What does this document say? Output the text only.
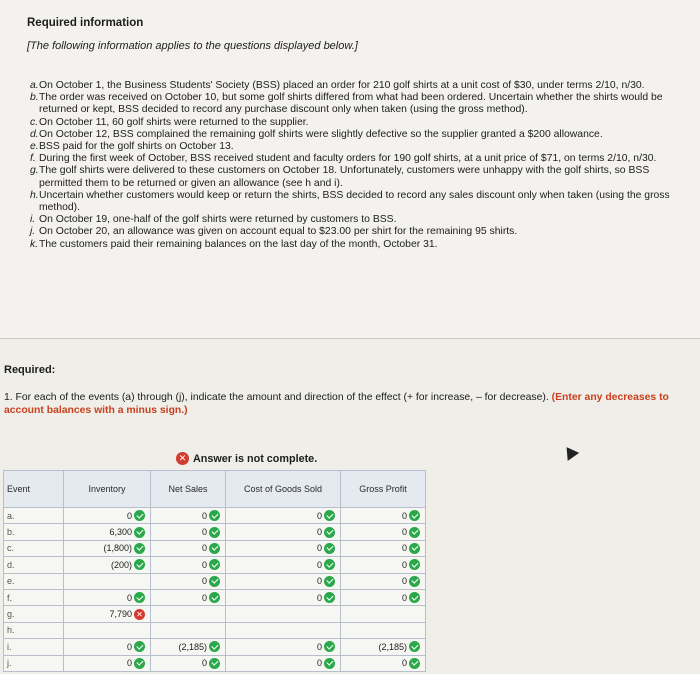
Required information
[The following information applies to the questions displayed below.]
a. On October 1, the Business Students' Society (BSS) placed an order for 210 golf shirts at a unit cost of $30, under terms 2/10, n/30.
b. The order was received on October 10, but some golf shirts differed from what had been ordered. Uncertain whether the shirts would be returned or kept, BSS decided to record any purchase discount only when taken (using the gross method).
c. On October 11, 60 golf shirts were returned to the supplier.
d. On October 12, BSS complained the remaining golf shirts were slightly defective so the supplier granted a $200 allowance.
e. BSS paid for the golf shirts on October 13.
f. During the first week of October, BSS received student and faculty orders for 190 golf shirts, at a unit price of $71, on terms 2/10, n/30.
g. The golf shirts were delivered to these customers on October 18. Unfortunately, customers were unhappy with the golf shirts, so BSS permitted them to be returned or given an allowance (see h and i).
h. Uncertain whether customers would keep or return the shirts, BSS decided to record any sales discount only when taken (using the gross method).
i. On October 19, one-half of the golf shirts were returned by customers to BSS.
j. On October 20, an allowance was given on account equal to $23.00 per shirt for the remaining 95 shirts.
k. The customers paid their remaining balances on the last day of the month, October 31.
Required:
1. For each of the events (a) through (j), indicate the amount and direction of the effect (+ for increase, – for decrease). (Enter any decreases to account balances with a minus sign.)
✕ Answer is not complete.
Event	Inventory	Net Sales	Cost of Goods Sold	Gross Profit
a.	0	0	0	0

b.	6,300	0	0	0

c.	(1,800)	0	0	0

d.	(200)	0	0	0

e.		0	0	0

f.	0	0	0	0

g.	7,790 ✕			

h.	

i.	0	(2,185)	0	(2,185)

j.	0	0	0	0
